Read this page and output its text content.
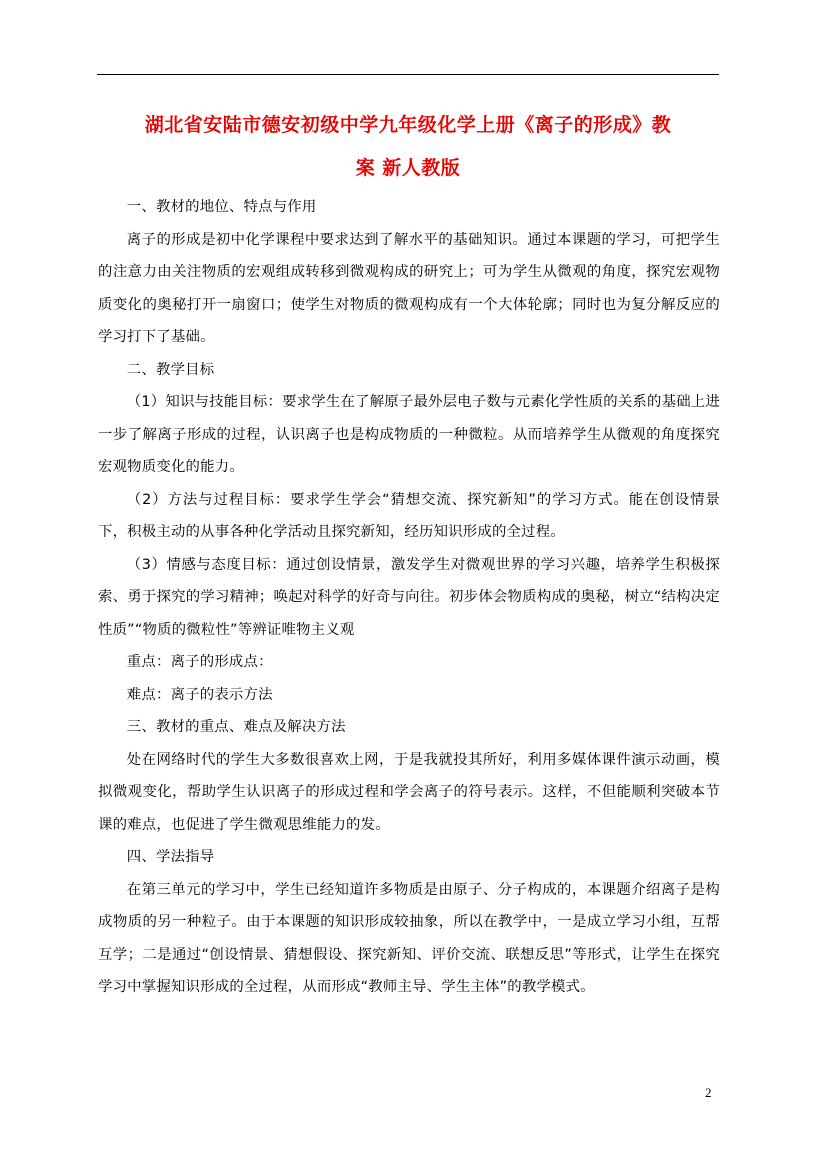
湖北省安陆市德安初级中学九年级化学上册《离子的形成》教
案 新人教版

一、教材的地位、特点与作用

离子的形成是初中化学课程中要求达到了解水平的基础知识。通过本课题的学习，可把学生的注意力由关注物质的宏观组成转移到微观构成的研究上；可为学生从微观的角度，探究宏观物质变化的奥秘打开一扇窗口；使学生对物质的微观构成有一个大体轮廓；同时也为复分解反应的学习打下了基础。

二、教学目标

（1）知识与技能目标：要求学生在了解原子最外层电子数与元素化学性质的关系的基础上进一步了解离子形成的过程，认识离子也是构成物质的一种微粒。从而培养学生从微观的角度探究宏观物质变化的能力。

（2）方法与过程目标：要求学生学会“猜想交流、探究新知”的学习方式。能在创设情景下，积极主动的从事各种化学活动且探究新知，经历知识形成的全过程。

（3）情感与态度目标：通过创设情景，激发学生对微观世界的学习兴趣，培养学生积极探索、勇于探究的学习精神；唤起对科学的好奇与向往。初步体会物质构成的奥秘，树立“结构决定性质”“物质的微粒性”等辨证唯物主义观

重点：离子的形成点：

难点：离子的表示方法

三、教材的重点、难点及解决方法

处在网络时代的学生大多数很喜欢上网，于是我就投其所好，利用多媒体课件演示动画，模拟微观变化，帮助学生认识离子的形成过程和学会离子的符号表示。这样，不但能顺利突破本节课的难点，也促进了学生微观思维能力的发。

四、学法指导

在第三单元的学习中，学生已经知道许多物质是由原子、分子构成的，本课题介绍离子是构成物质的另一种粒子。由于本课题的知识形成较抽象，所以在教学中，一是成立学习小组，互帮互学；二是通过“创设情景、猜想假设、探究新知、评价交流、联想反思”等形式，让学生在探究学习中掌握知识形成的全过程，从而形成“教师主导、学生主体”的教学模式。

2
